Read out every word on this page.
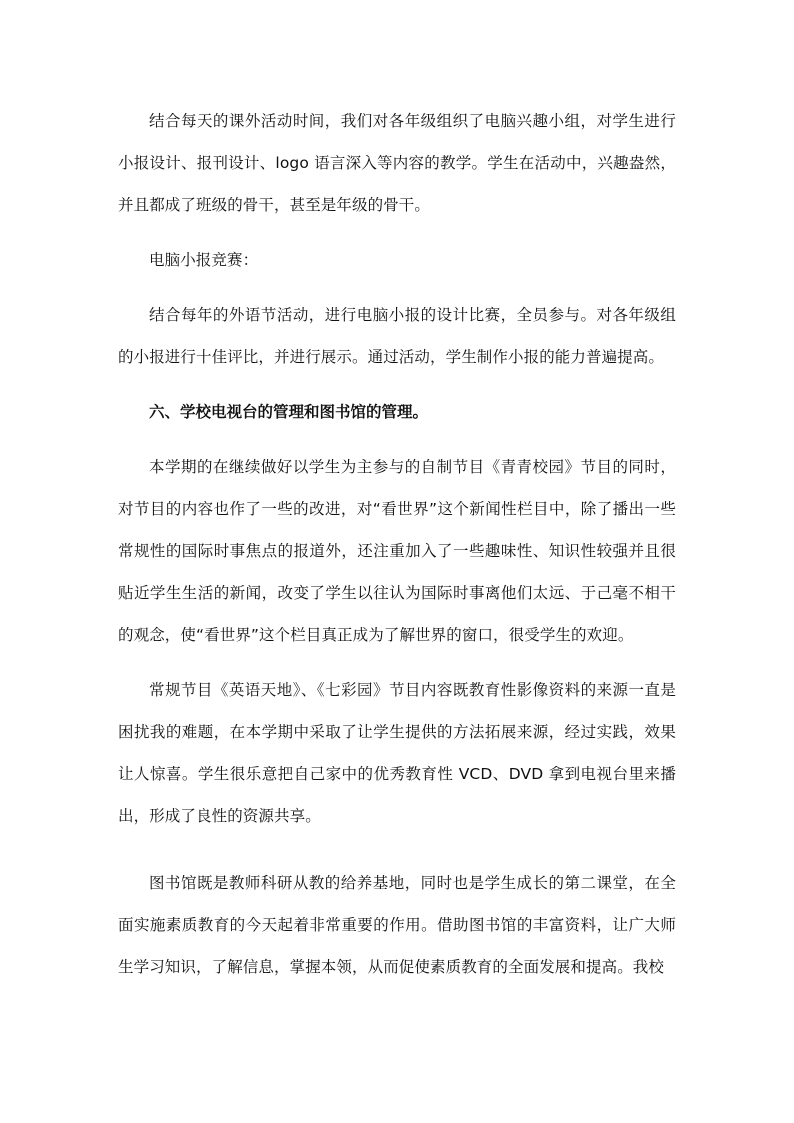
结合每天的课外活动时间，我们对各年级组织了电脑兴趣小组，对学生进行小报设计、报刊设计、logo 语言深入等内容的教学。学生在活动中，兴趣盎然，并且都成了班级的骨干，甚至是年级的骨干。

电脑小报竞赛：

结合每年的外语节活动，进行电脑小报的设计比赛，全员参与。对各年级组的小报进行十佳评比，并进行展示。通过活动，学生制作小报的能力普遍提高。

六、学校电视台的管理和图书馆的管理。

本学期的在继续做好以学生为主参与的自制节目《青青校园》节目的同时，对节目的内容也作了一些的改进，对“看世界”这个新闻性栏目中，除了播出一些常规性的国际时事焦点的报道外，还注重加入了一些趣味性、知识性较强并且很贴近学生生活的新闻，改变了学生以往认为国际时事离他们太远、于己毫不相干的观念，使“看世界”这个栏目真正成为了解世界的窗口，很受学生的欢迎。

常规节目《英语天地》、《七彩园》节目内容既教育性影像资料的来源一直是困扰我的难题，在本学期中采取了让学生提供的方法拓展来源，经过实践，效果让人惊喜。学生很乐意把自己家中的优秀教育性 VCD、DVD 拿到电视台里来播出，形成了良性的资源共享。

图书馆既是教师科研从教的给养基地，同时也是学生成长的第二课堂，在全面实施素质教育的今天起着非常重要的作用。借助图书馆的丰富资料，让广大师生学习知识，了解信息，掌握本领，从而促使素质教育的全面发展和提高。我校
